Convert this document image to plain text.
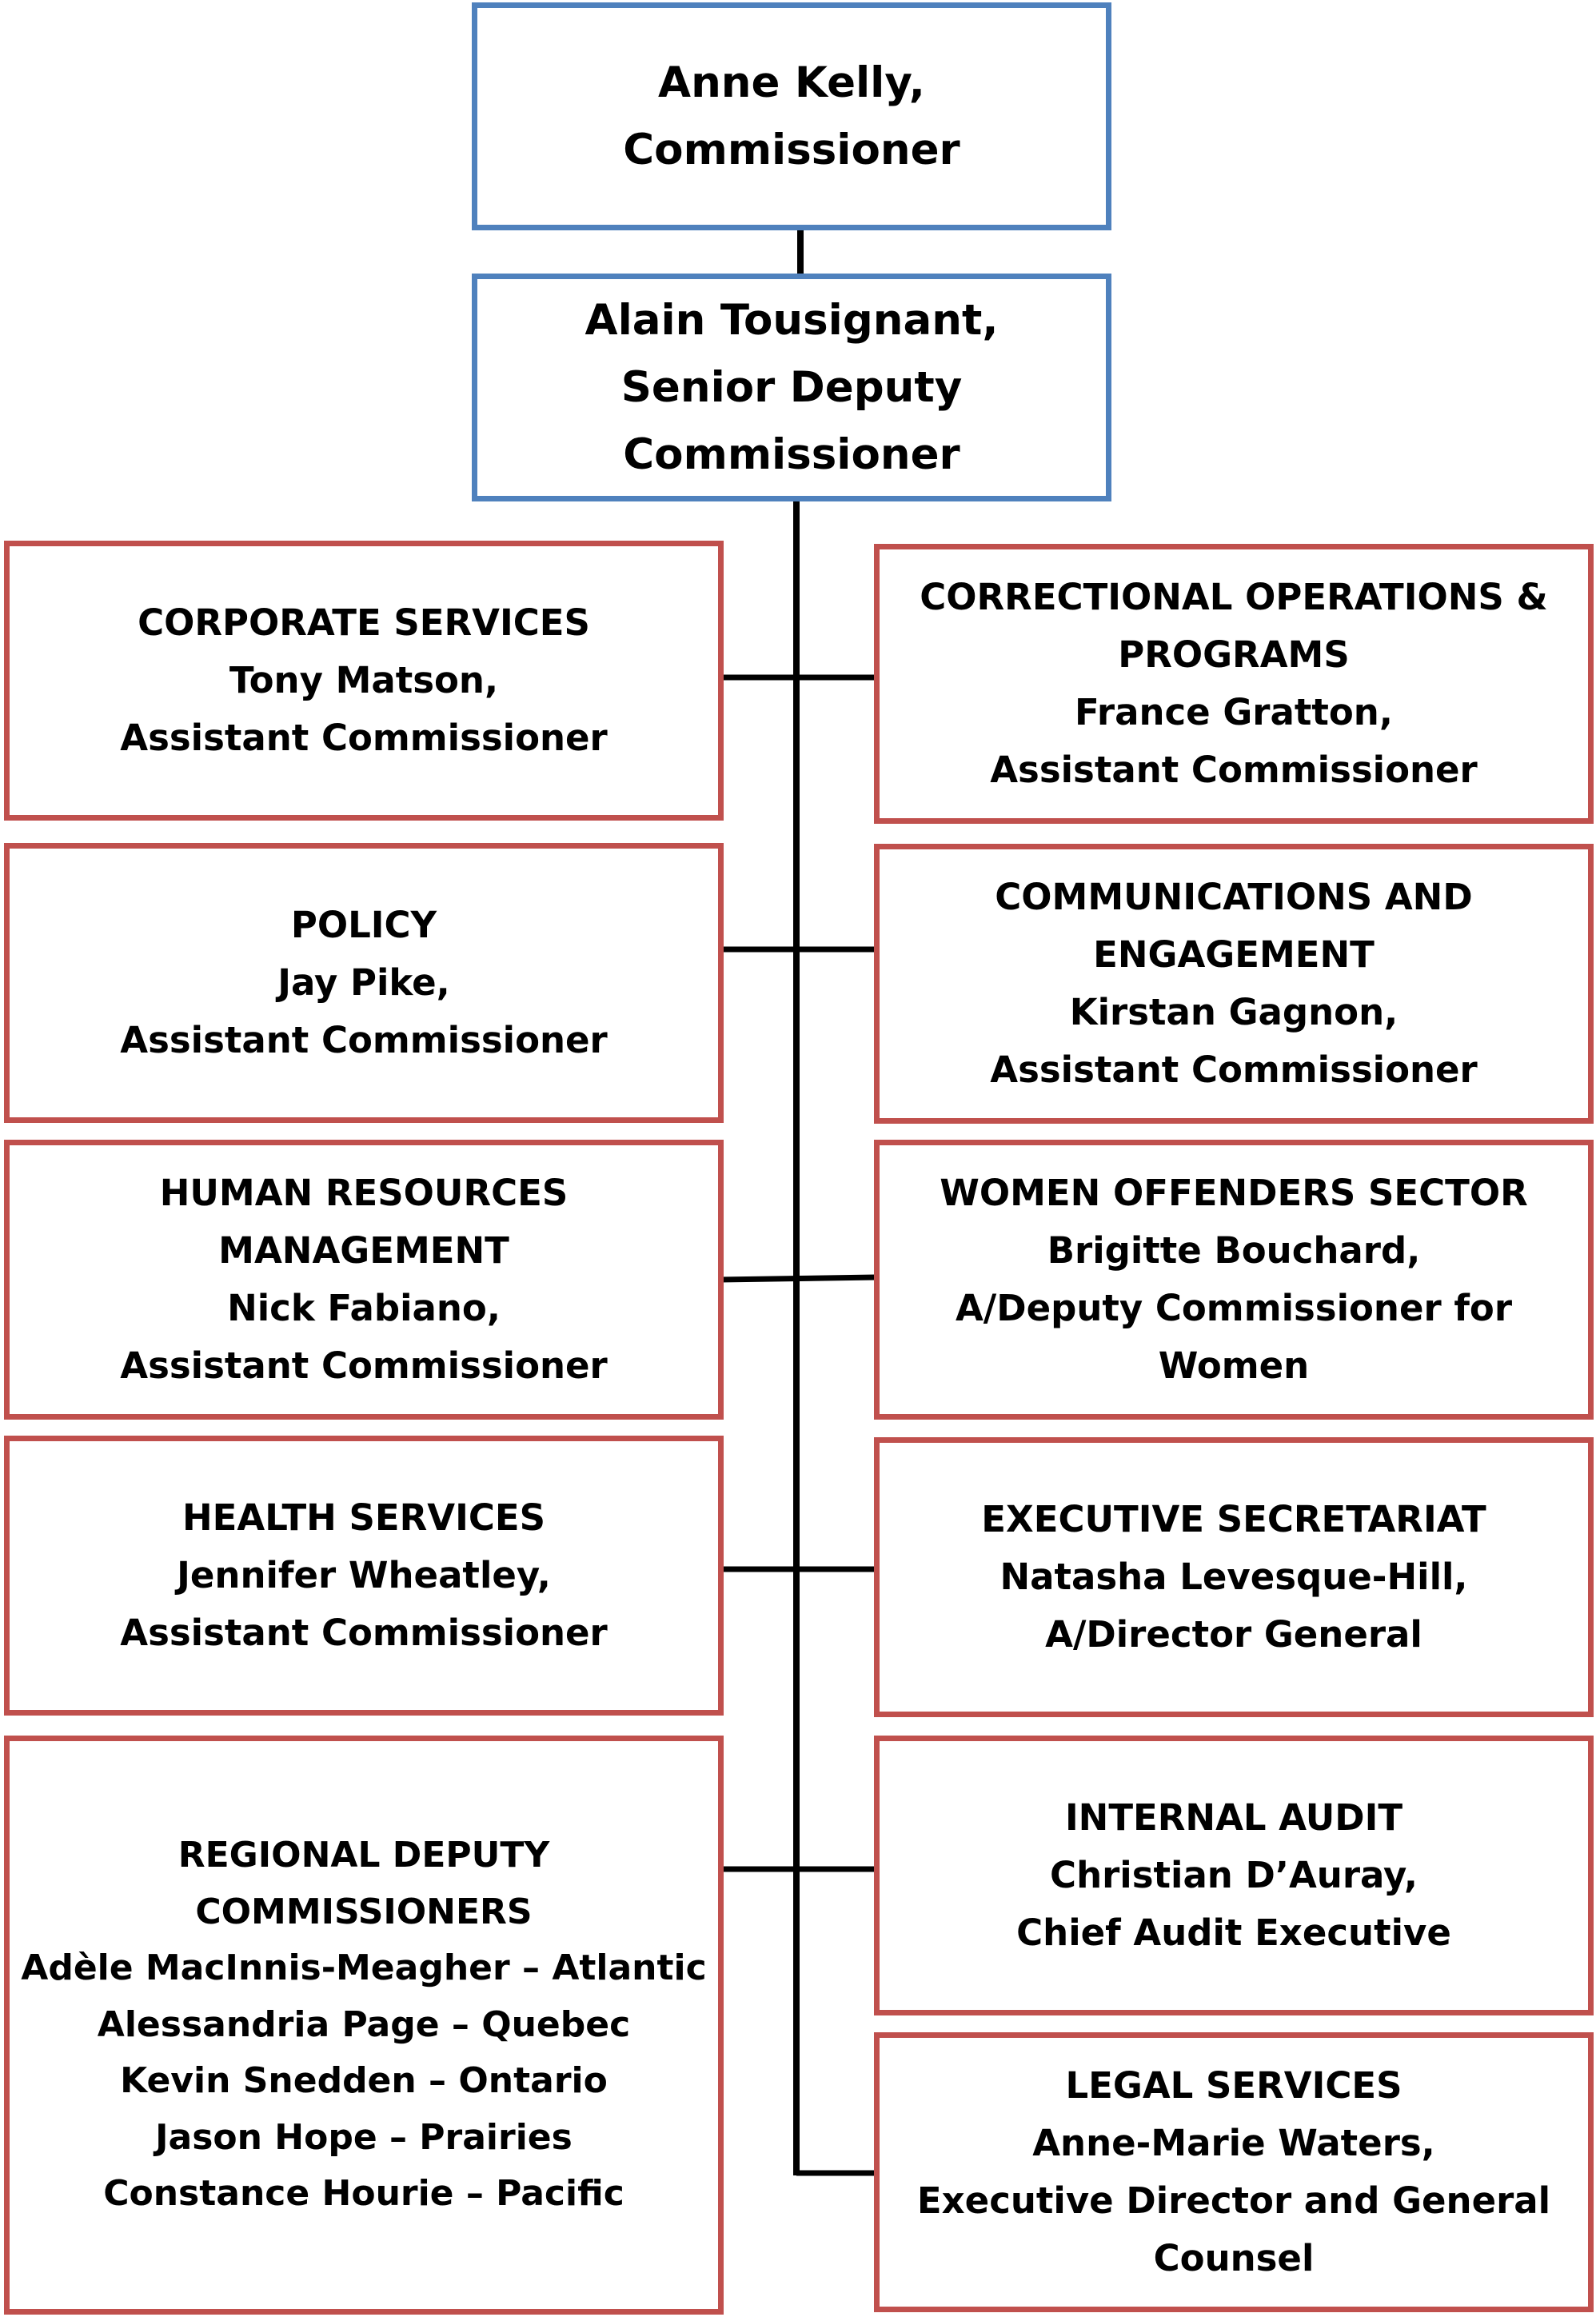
Anne Kelly,
Commissioner
Alain Tousignant,
Senior Deputy
Commissioner
CORPORATE SERVICES
Tony Matson,
Assistant Commissioner
POLICY
Jay Pike,
Assistant Commissioner
HUMAN RESOURCES
MANAGEMENT
Nick Fabiano,
Assistant Commissioner
HEALTH SERVICES
Jennifer Wheatley,
Assistant Commissioner
REGIONAL DEPUTY
COMMISSIONERS
Adèle MacInnis-Meagher – Atlantic
Alessandria Page – Quebec
Kevin Snedden – Ontario
Jason Hope – Prairies
Constance Hourie – Pacific
CORRECTIONAL OPERATIONS &
PROGRAMS
France Gratton,
Assistant Commissioner
COMMUNICATIONS AND
ENGAGEMENT
Kirstan Gagnon,
Assistant Commissioner
WOMEN OFFENDERS SECTOR
Brigitte Bouchard,
A/Deputy Commissioner for
Women
EXECUTIVE SECRETARIAT
Natasha Levesque-Hill,
A/Director General
INTERNAL AUDIT
Christian D’Auray,
Chief Audit Executive
LEGAL SERVICES
Anne-Marie Waters,
Executive Director and General
Counsel
